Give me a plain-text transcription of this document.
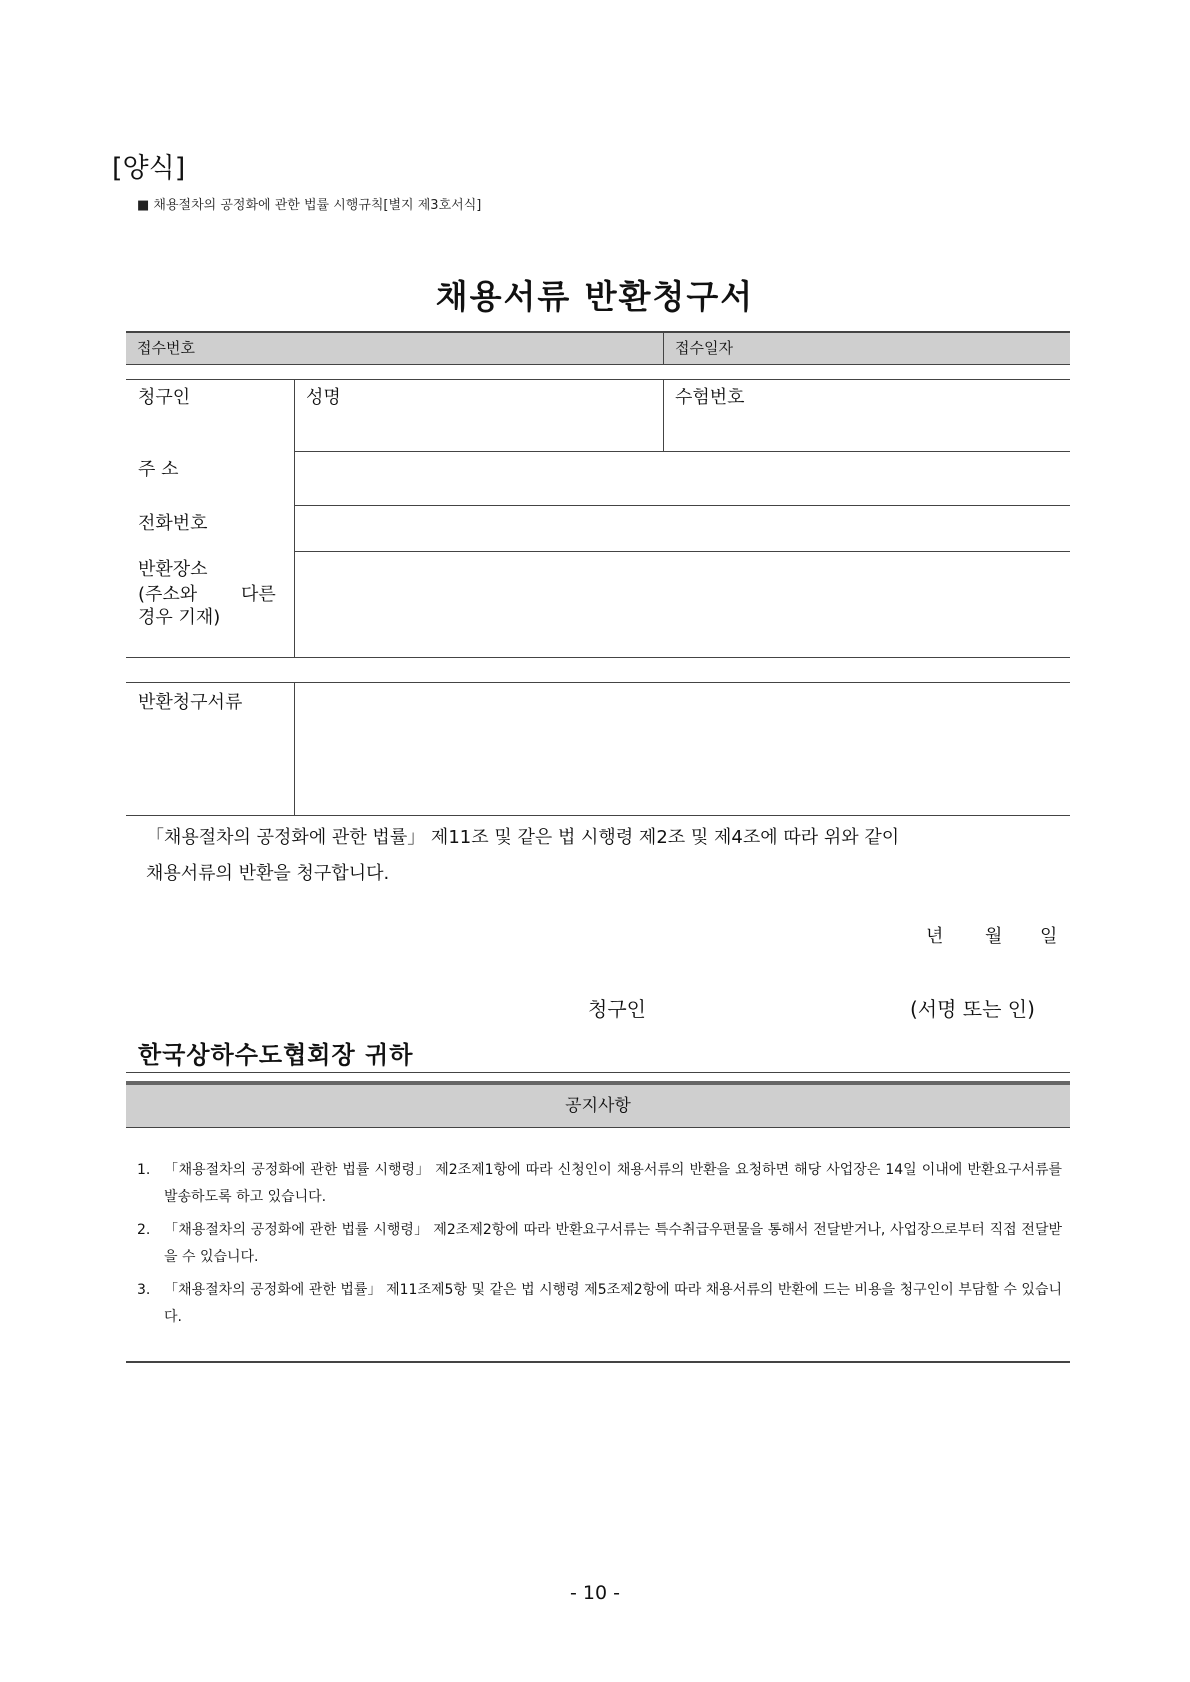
[양식]
■ 채용절차의 공정화에 관한 법률 시행규칙[별지 제3호서식]
채용서류 반환청구서
접수번호	접수일자
청구인	성명	수험번호
주 소
전화번호
반환장소
(주소와 다른
경우 기재)
반환청구서류
「채용절차의 공정화에 관한 법률」 제11조 및 같은 법 시행령 제2조 및 제4조에 따라 위와 같이
채용서류의 반환을 청구합니다.
년 월 일
청구인	(서명 또는 인)
한국상하수도협회장 귀하
공지사항
1. 「채용절차의 공정화에 관한 법률 시행령」 제2조제1항에 따라 신청인이 채용서류의 반환을 요청하면 해당 사업장은 14일 이내에 반환요구서류를 발송하도록 하고 있습니다.
2. 「채용절차의 공정화에 관한 법률 시행령」 제2조제2항에 따라 반환요구서류는 특수취급우편물을 통해서 전달받거나, 사업장으로부터 직접 전달받을 수 있습니다.
3. 「채용절차의 공정화에 관한 법률」 제11조제5항 및 같은 법 시행령 제5조제2항에 따라 채용서류의 반환에 드는 비용을 청구인이 부담할 수 있습니다.
- 10 -
